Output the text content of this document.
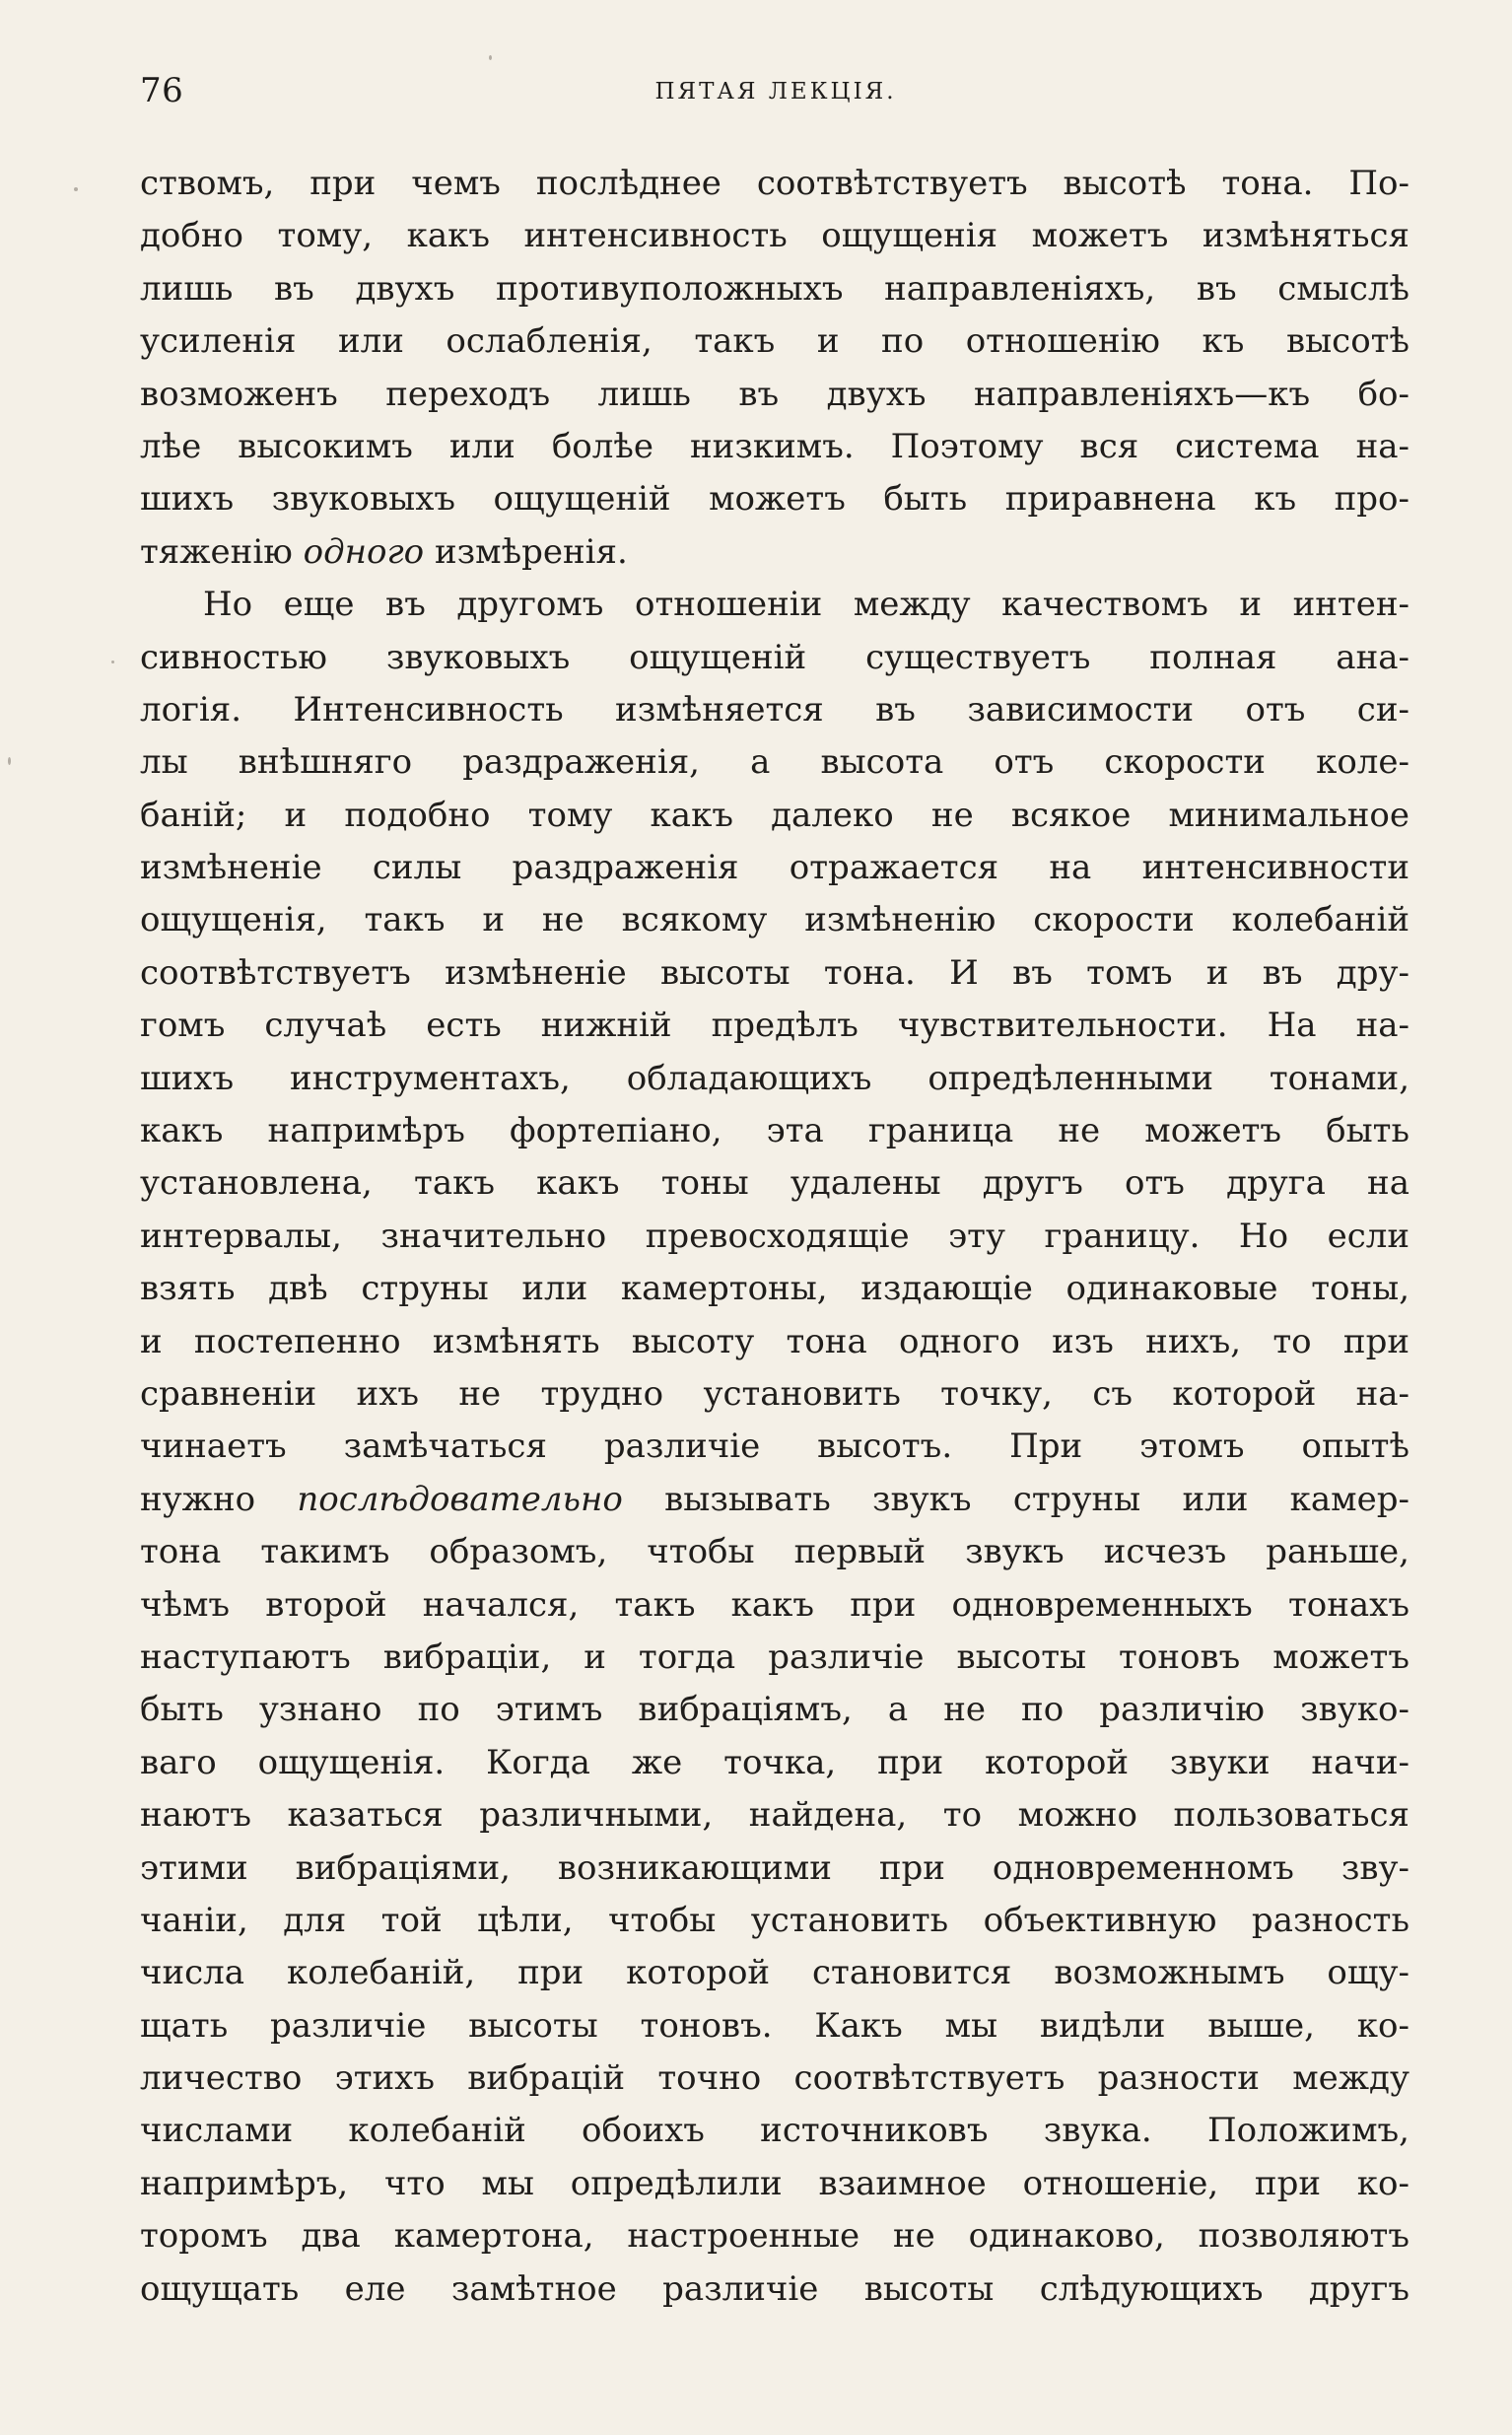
76	ПЯТАЯ ЛЕКЦІЯ.
ствомъ, при чемъ послѣднее соотвѣтствуетъ высотѣ тона. По-
добно тому, какъ интенсивность ощущенія можетъ измѣняться
лишь въ двухъ противуположныхъ направленіяхъ, въ смыслѣ
усиленія или ослабленія, такъ и по отношенію къ высотѣ
возможенъ переходъ лишь въ двухъ направленіяхъ—къ бо-
лѣе высокимъ или болѣе низкимъ. Поэтому вся система на-
шихъ звуковыхъ ощущеній можетъ быть приравнена къ про-
тяженію одного измѣренія.
Но еще въ другомъ отношеніи между качествомъ и интен-
сивностью звуковыхъ ощущеній существуетъ полная ана-
логія. Интенсивность измѣняется въ зависимости отъ си-
лы внѣшняго раздраженія, а высота отъ скорости коле-
баній; и подобно тому какъ далеко не всякое минимальное
измѣненіе силы раздраженія отражается на интенсивности
ощущенія, такъ и не всякому измѣненію скорости колебаній
соотвѣтствуетъ измѣненіе высоты тона. И въ томъ и въ дру-
гомъ случаѣ есть нижній предѣлъ чувствительности. На на-
шихъ инструментахъ, обладающихъ опредѣленными тонами,
какъ напримѣръ фортепіано, эта граница не можетъ быть
установлена, такъ какъ тоны удалены другъ отъ друга на
интервалы, значительно превосходящіе эту границу. Но если
взять двѣ струны или камертоны, издающіе одинаковые тоны,
и постепенно измѣнять высоту тона одного изъ нихъ, то при
сравненіи ихъ не трудно установить точку, съ которой на-
чинаетъ замѣчаться различіе высотъ. При этомъ опытѣ
нужно послѣдовательно вызывать звукъ струны или камер-
тона такимъ образомъ, чтобы первый звукъ исчезъ раньше,
чѣмъ второй начался, такъ какъ при одновременныхъ тонахъ
наступаютъ вибраціи, и тогда различіе высоты тоновъ можетъ
быть узнано по этимъ вибраціямъ, а не по различію звуко-
ваго ощущенія. Когда же точка, при которой звуки начи-
наютъ казаться различными, найдена, то можно пользоваться
этими вибраціями, возникающими при одновременномъ зву-
чаніи, для той цѣли, чтобы установить объективную разность
числа колебаній, при которой становится возможнымъ ощу-
щать различіе высоты тоновъ. Какъ мы видѣли выше, ко-
личество этихъ вибрацій точно соотвѣтствуетъ разности между
числами колебаній обоихъ источниковъ звука. Положимъ,
напримѣръ, что мы опредѣлили взаимное отношеніе, при ко-
торомъ два камертона, настроенные не одинаково, позволяютъ
ощущать еле замѣтное различіе высоты слѣдующихъ другъ
